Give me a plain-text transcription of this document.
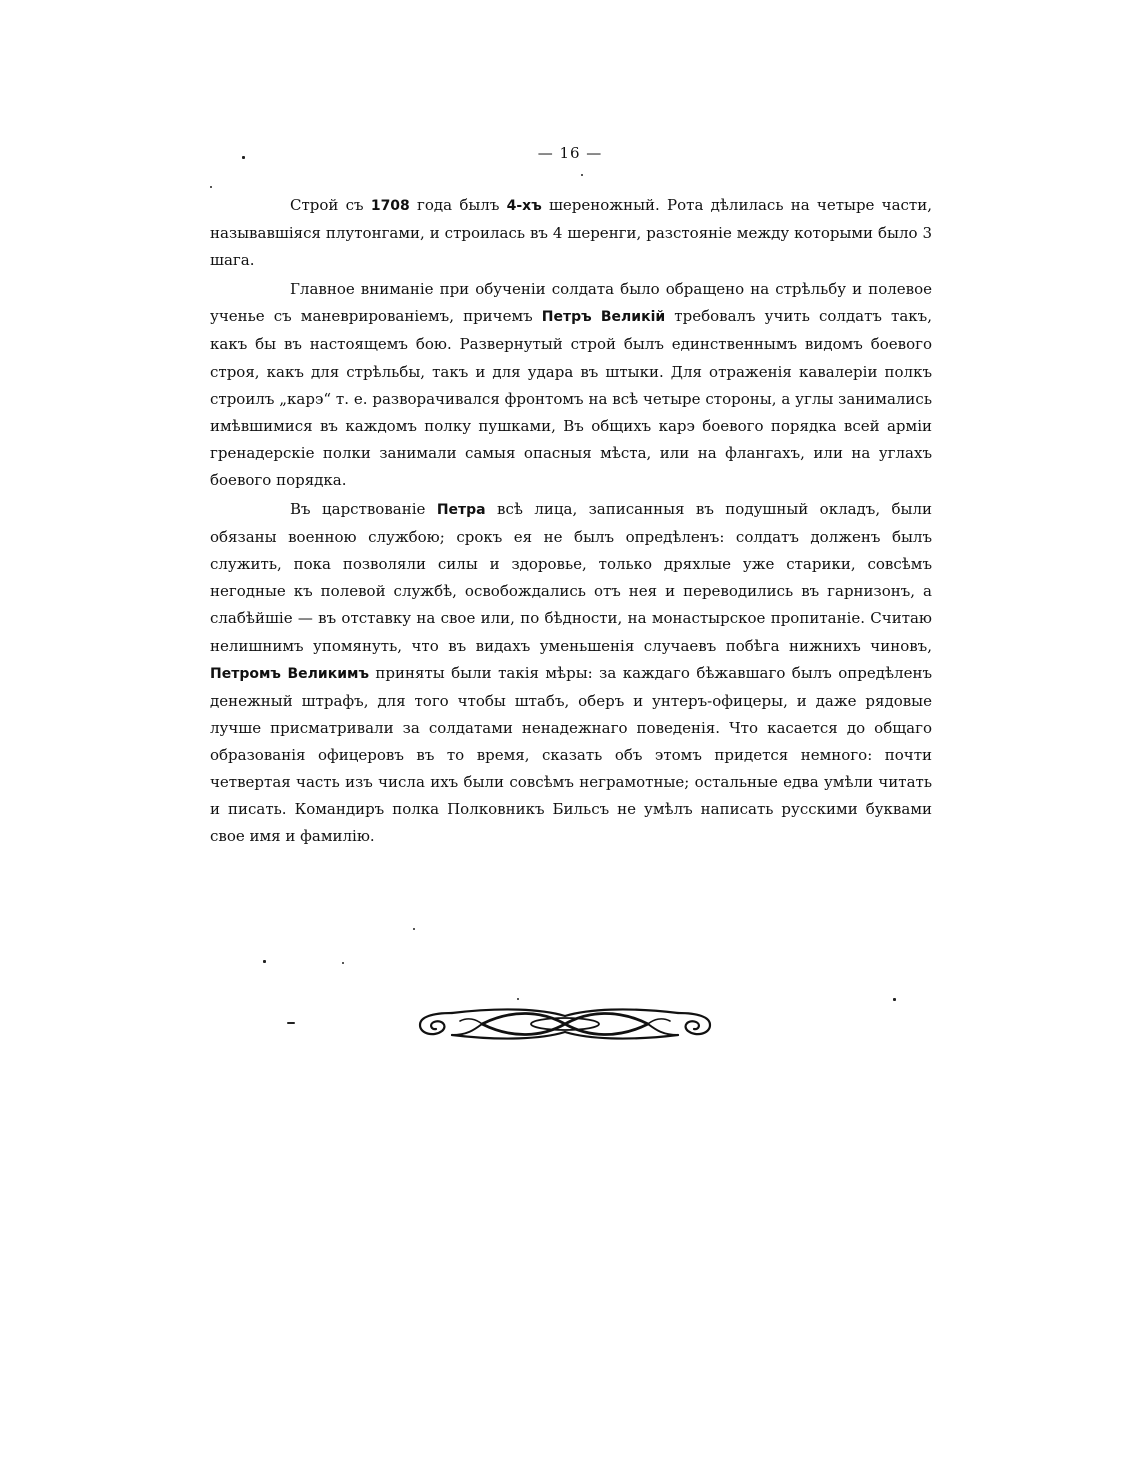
— 16 —

Строй съ 1708 года былъ 4-хъ шереножный. Рота дѣлилась на четыре части, называвшіяся плутонгами, и строилась въ 4 шеренги, разстояніе между которыми было 3 шага.

Главное вниманіе при обученіи солдата было обращено на стрѣльбу и полевое ученье съ маневрированіемъ, причемъ Петръ Великій требовалъ учить солдатъ такъ, какъ бы въ настоящемъ бою. Развернутый строй былъ единственнымъ видомъ боевого строя, какъ для стрѣльбы, такъ и для удара въ штыки. Для отраженія кавалеріи полкъ строилъ „карэ“ т. е. разворачивался фронтомъ на всѣ четыре стороны, а углы занимались имѣвшимися въ каждомъ полку пушками, Въ общихъ карэ боевого порядка всей арміи гренадерскіе полки занимали самыя опасныя мѣста, или на флангахъ, или на углахъ боевого порядка.

Въ царствованіе Петра всѣ лица, записанныя въ подушный окладъ, были обязаны военною службою; срокъ ея не былъ опредѣленъ: солдатъ долженъ былъ служить, пока позволяли силы и здоровье, только дряхлые уже старики, совсѣмъ негодные къ полевой службѣ, освобождались отъ нея и переводились въ гарнизонъ, а слабѣйшіе — въ отставку на свое или, по бѣдности, на монастырское пропитаніе. Считаю нелишнимъ упомянуть, что въ видахъ уменьшенія случаевъ побѣга нижнихъ чиновъ, Петромъ Великимъ приняты были такія мѣры: за каждаго бѣжавшаго былъ опредѣленъ денежный штрафъ, для того чтобы штабъ, оберъ и унтеръ-офицеры, и даже рядовые лучше присматривали за солдатами ненадежнаго поведенія. Что касается до общаго образованія офицеровъ въ то время, сказать объ этомъ придется немного: почти четвертая часть изъ числа ихъ были совсѣмъ неграмотные; остальные едва умѣли читать и писать. Командиръ полка Полковникъ Бильсъ не умѣлъ написать русскими буквами свое имя и фамилію.
